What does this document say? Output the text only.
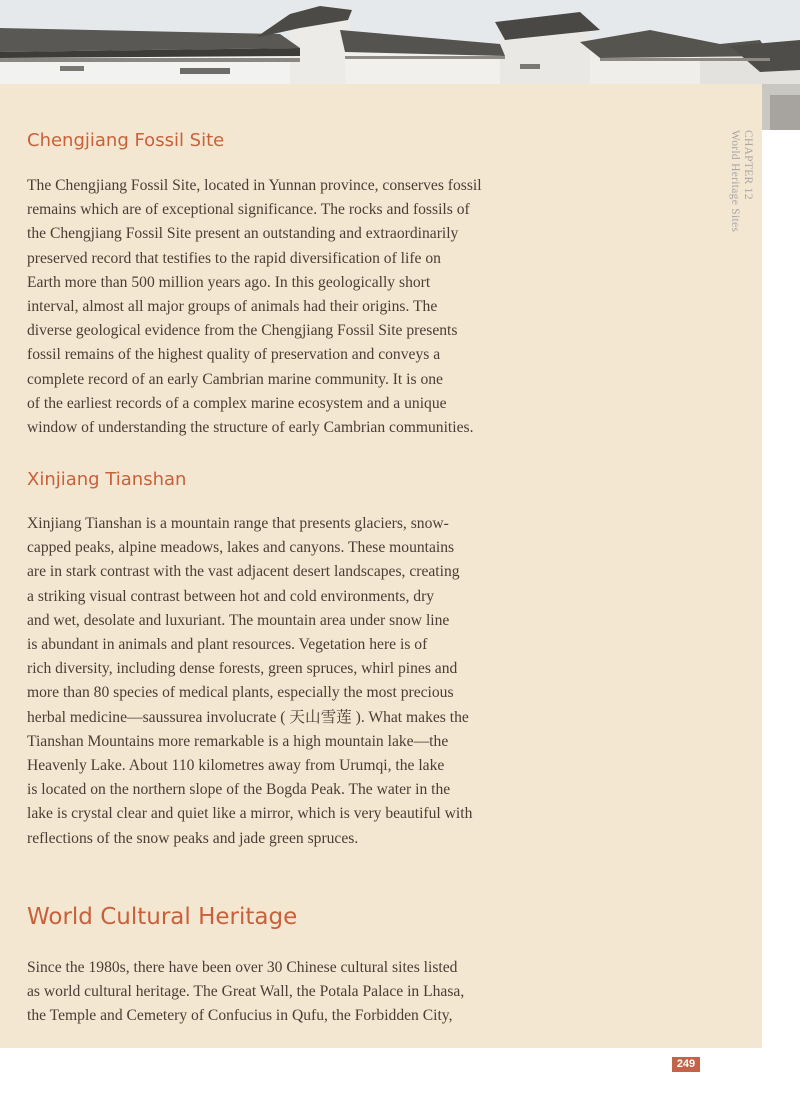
Chengjiang Fossil Site

The Chengjiang Fossil Site, located in Yunnan province, conserves fossil
remains which are of exceptional significance. The rocks and fossils of
the Chengjiang Fossil Site present an outstanding and extraordinarily
preserved record that testifies to the rapid diversification of life on
Earth more than 500 million years ago. In this geologically short
interval, almost all major groups of animals had their origins. The
diverse geological evidence from the Chengjiang Fossil Site presents
fossil remains of the highest quality of preservation and conveys a
complete record of an early Cambrian marine community. It is one
of the earliest records of a complex marine ecosystem and a unique
window of understanding the structure of early Cambrian communities.

Xinjiang Tianshan

Xinjiang Tianshan is a mountain range that presents glaciers, snow-
capped peaks, alpine meadows, lakes and canyons. These mountains
are in stark contrast with the vast adjacent desert landscapes, creating
a striking visual contrast between hot and cold environments, dry
and wet, desolate and luxuriant. The mountain area under snow line
is abundant in animals and plant resources. Vegetation here is of
rich diversity, including dense forests, green spruces, whirl pines and
more than 80 species of medical plants, especially the most precious
herbal medicine—saussurea involucrate ( 天山雪莲 ). What makes the
Tianshan Mountains more remarkable is a high mountain lake—the
Heavenly Lake. About 110 kilometres away from Urumqi, the lake
is located on the northern slope of the Bogda Peak. The water in the
lake is crystal clear and quiet like a mirror, which is very beautiful with
reflections of the snow peaks and jade green spruces.

World Cultural Heritage

Since the 1980s, there have been over 30 Chinese cultural sites listed
as world cultural heritage. The Great Wall, the Potala Palace in Lhasa,
the Temple and Cemetery of Confucius in Qufu, the Forbidden City,

CHAPTER 12
World Heritage Sites
249
